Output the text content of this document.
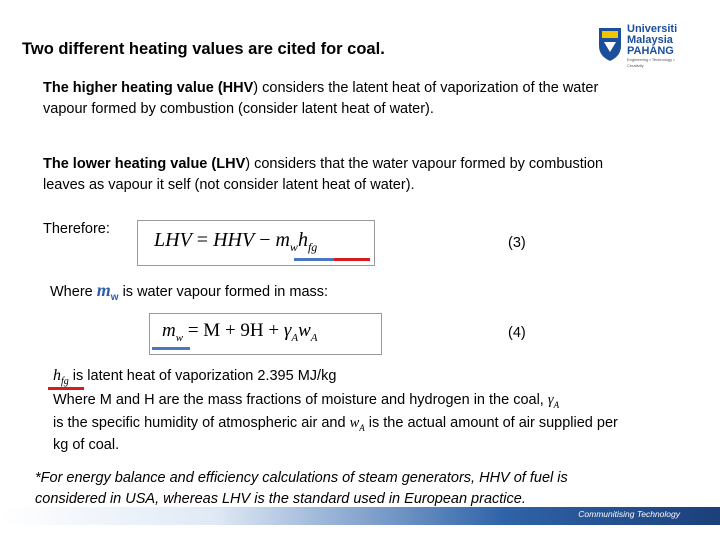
Universiti
Malaysia
PAHANG
Engineering • Technology • Creativity
Two different heating values are cited for coal.
The higher heating value (HHV) considers the latent heat of vaporization of the water
vapour formed by combustion (consider latent heat of water).
The lower heating value (LHV) considers that the water vapour formed by combustion
leaves as vapour it self (not consider latent heat of water).
Therefore: LHV = HHV − $m_wh_{fg}$	(3)
Where $m_w$ is water vapour formed in mass:
$m_w = M + 9H + \gamma_Aw_A$	(4)
$h_{fg}$ is latent heat of vaporization 2.395 MJ/kg
Where M and H are the mass fractions of moisture and hydrogen in the coal, $\gamma_A$
is the specific humidity of atmospheric air and $w_A$ is the actual amount of air supplied per
kg of coal.
*For energy balance and efficiency calculations of steam generators, HHV of fuel is
considered in USA, whereas LHV is the standard used in European practice.
Communitising Technology
